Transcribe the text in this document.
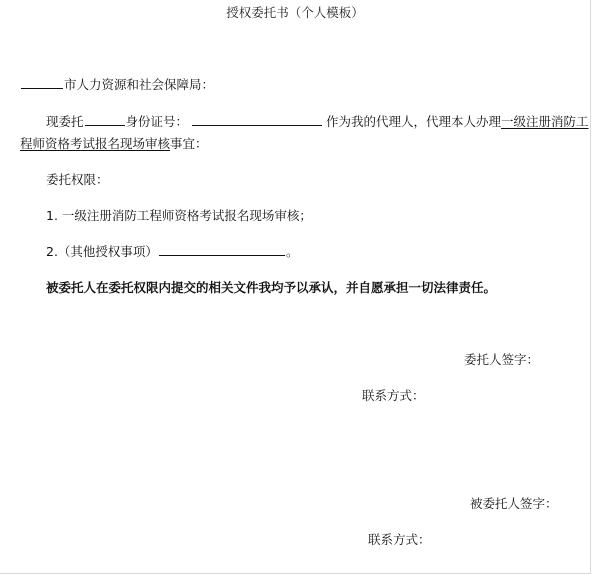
授权委托书（个人模板）
市人力资源和社会保障局：
现委托	身份证号：	作为我的代理人，代理本人办理一级注册消防工
程师资格考试报名现场审核事宜：
委托权限：
1. 一级注册消防工程师资格考试报名现场审核；
2.（其他授权事项）	。
被委托人在委托权限内提交的相关文件我均予以承认，并自愿承担一切法律责任。
委托人签字：
联系方式：
被委托人签字：
联系方式：
